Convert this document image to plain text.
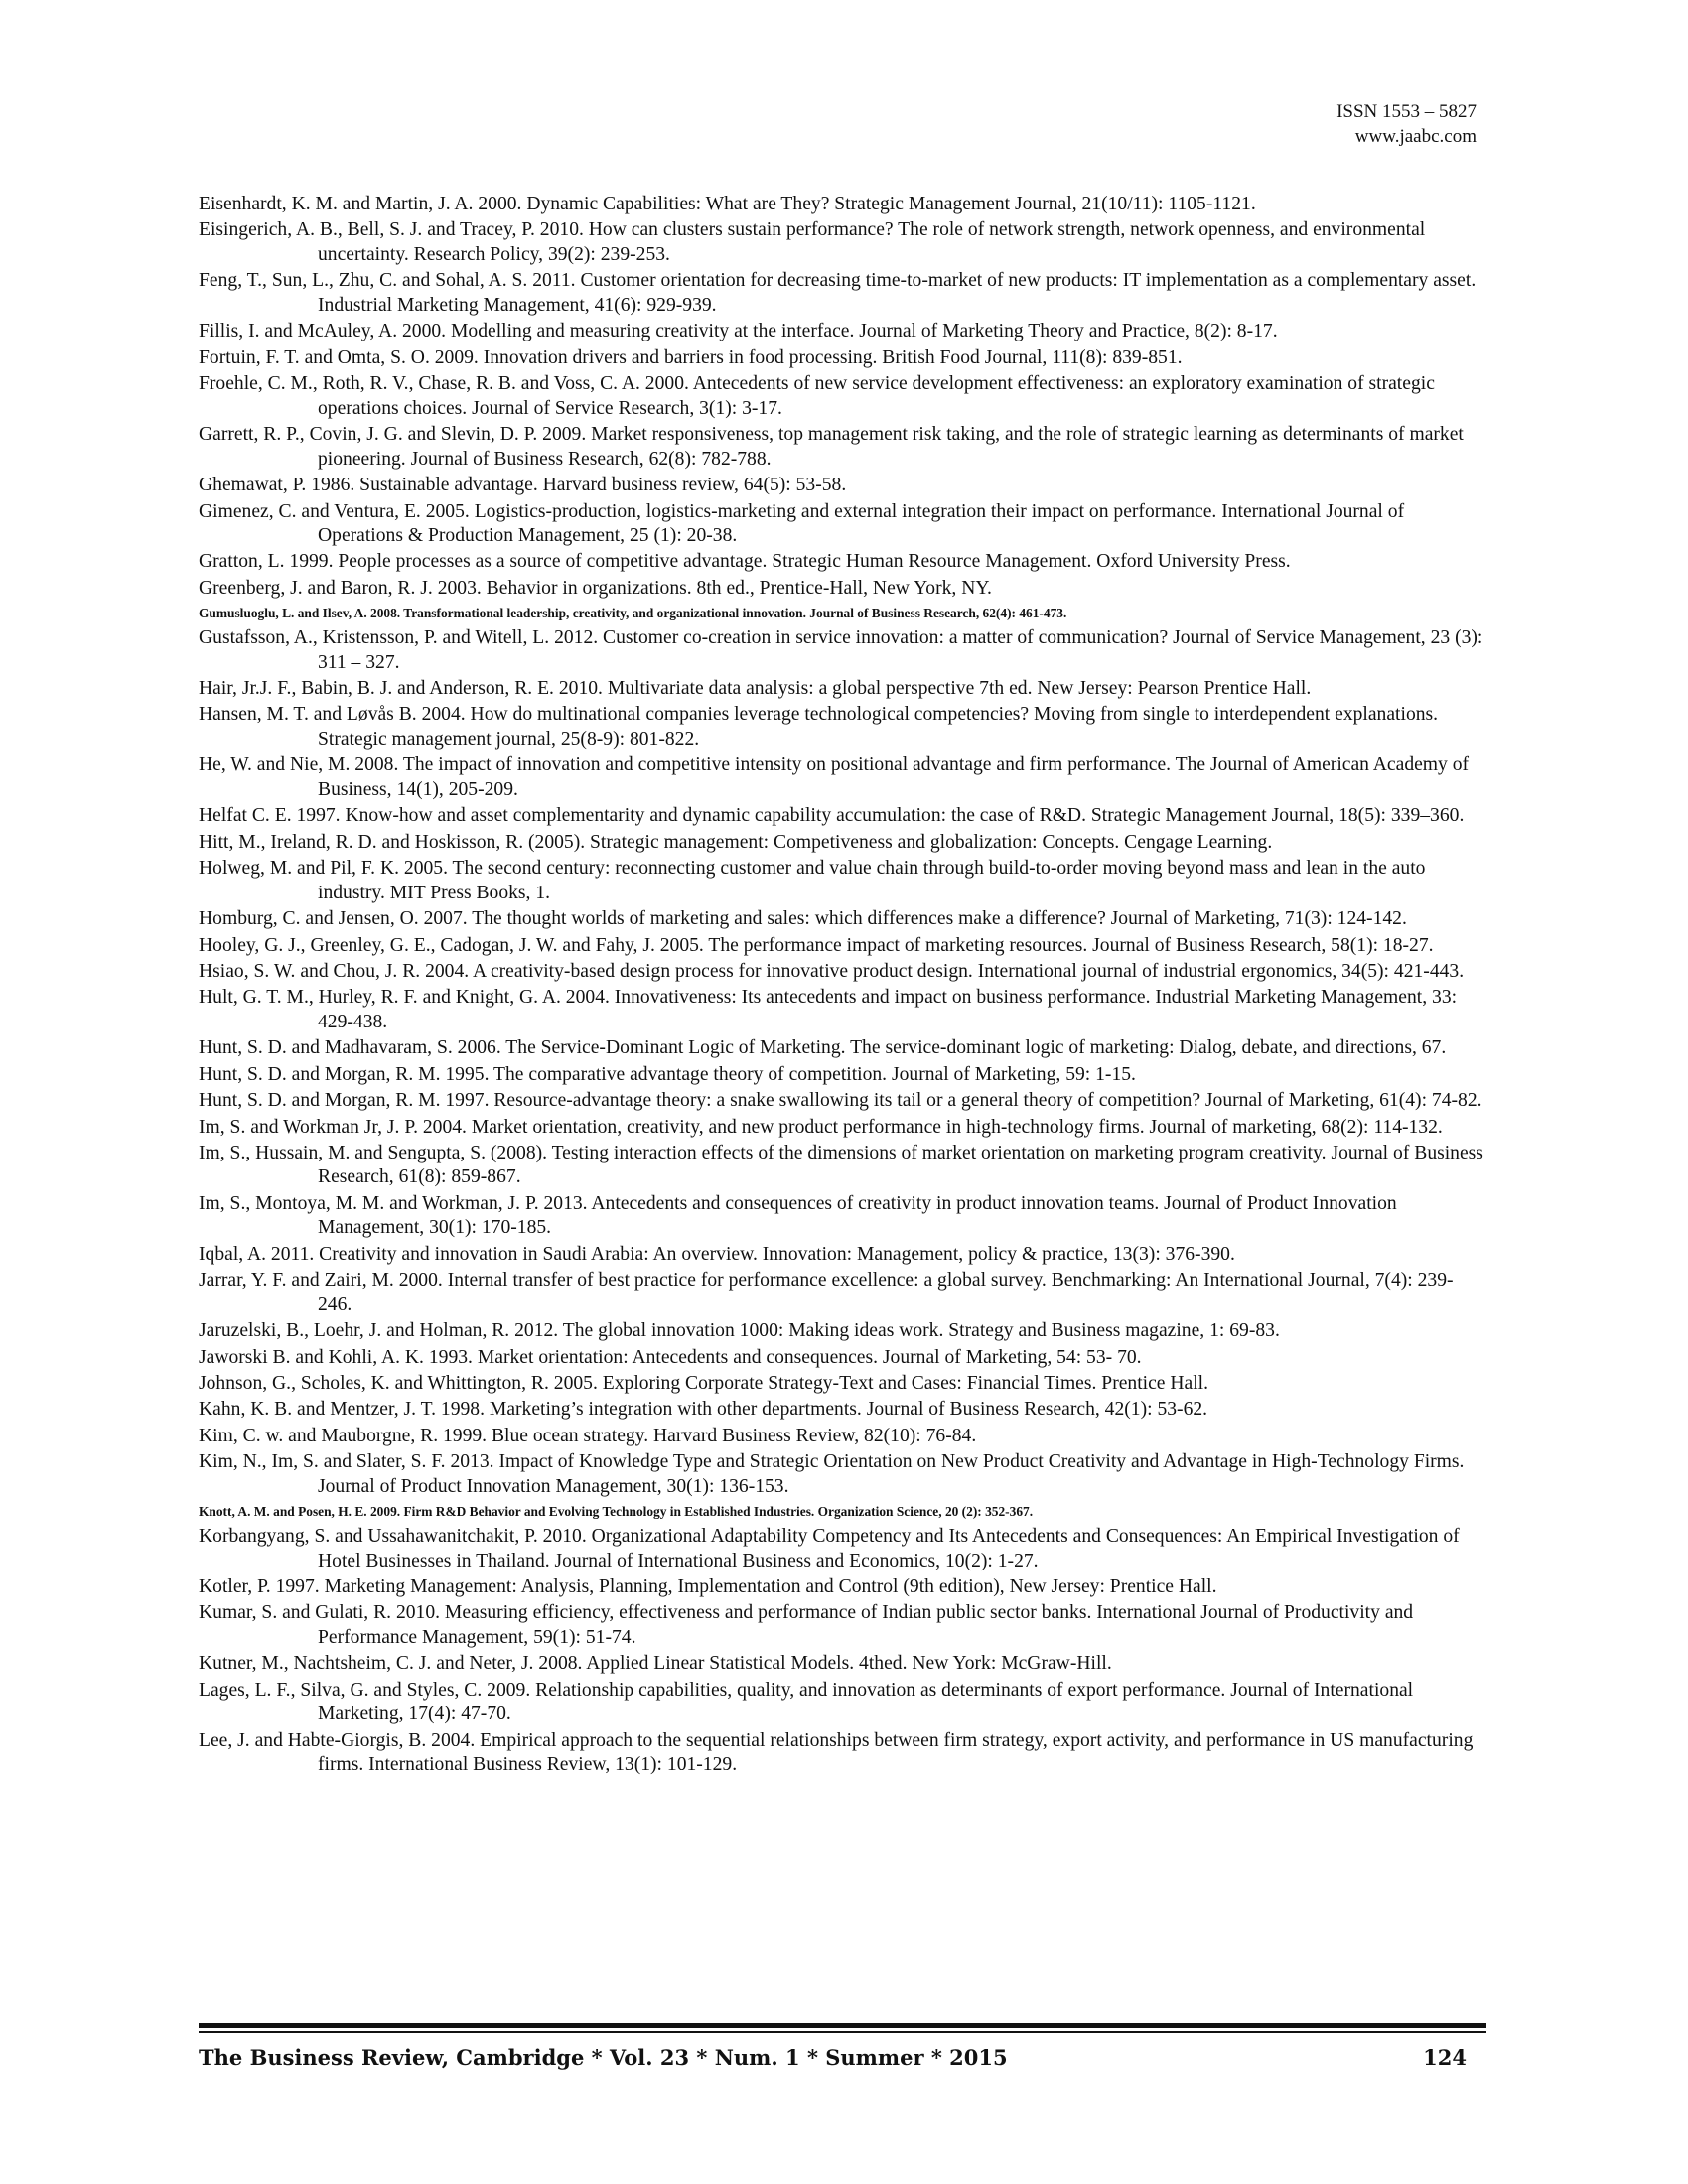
ISSN 1553 – 5827
www.jaabc.com

Eisenhardt, K. M. and Martin, J. A. 2000. Dynamic Capabilities: What are They? Strategic Management Journal, 21(10/11): 1105-1121.

Eisingerich, A. B., Bell, S. J. and Tracey, P. 2010. How can clusters sustain performance? The role of network strength, network openness, and environmental uncertainty. Research Policy, 39(2): 239-253.

Feng, T., Sun, L., Zhu, C. and Sohal, A. S. 2011. Customer orientation for decreasing time-to-market of new products: IT implementation as a complementary asset. Industrial Marketing Management, 41(6): 929-939.

Fillis, I. and McAuley, A. 2000. Modelling and measuring creativity at the interface. Journal of Marketing Theory and Practice, 8(2): 8-17.

Fortuin, F. T. and Omta, S. O. 2009. Innovation drivers and barriers in food processing. British Food Journal, 111(8): 839-851.

Froehle, C. M., Roth, R. V., Chase, R. B. and Voss, C. A. 2000. Antecedents of new service development effectiveness: an exploratory examination of strategic operations choices. Journal of Service Research, 3(1): 3-17.

Garrett, R. P., Covin, J. G. and Slevin, D. P. 2009. Market responsiveness, top management risk taking, and the role of strategic learning as determinants of market pioneering. Journal of Business Research, 62(8): 782-788.

Ghemawat, P. 1986. Sustainable advantage. Harvard business review, 64(5): 53-58.

Gimenez, C. and Ventura, E. 2005. Logistics-production, logistics-marketing and external integration their impact on performance. International Journal of Operations & Production Management, 25 (1): 20-38.

Gratton, L. 1999. People processes as a source of competitive advantage. Strategic Human Resource Management. Oxford University Press.

Greenberg, J. and Baron, R. J. 2003. Behavior in organizations. 8th ed., Prentice-Hall, New York, NY.

Gumusluoglu, L. and Ilsev, A. 2008. Transformational leadership, creativity, and organizational innovation. Journal of Business Research, 62(4): 461-473.

Gustafsson, A., Kristensson, P. and Witell, L. 2012. Customer co-creation in service innovation: a matter of communication? Journal of Service Management, 23 (3): 311 – 327.

Hair, Jr.J. F., Babin, B. J. and Anderson, R. E. 2010. Multivariate data analysis: a global perspective 7th ed. New Jersey: Pearson Prentice Hall.

Hansen, M. T. and Løvås B. 2004. How do multinational companies leverage technological competencies? Moving from single to interdependent explanations. Strategic management journal, 25(8-9): 801-822.

He, W. and Nie, M. 2008. The impact of innovation and competitive intensity on positional advantage and firm performance. The Journal of American Academy of Business, 14(1), 205-209.

Helfat C. E. 1997. Know-how and asset complementarity and dynamic capability accumulation: the case of R&D. Strategic Management Journal, 18(5): 339–360.

Hitt, M., Ireland, R. D. and Hoskisson, R. (2005). Strategic management: Competiveness and globalization: Concepts. Cengage Learning.

Holweg, M. and Pil, F. K. 2005. The second century: reconnecting customer and value chain through build-to-order moving beyond mass and lean in the auto industry. MIT Press Books, 1.

Homburg, C. and Jensen, O. 2007. The thought worlds of marketing and sales: which differences make a difference? Journal of Marketing, 71(3): 124-142.

Hooley, G. J., Greenley, G. E., Cadogan, J. W. and Fahy, J. 2005. The performance impact of marketing resources. Journal of Business Research, 58(1): 18-27.

Hsiao, S. W. and Chou, J. R. 2004. A creativity-based design process for innovative product design. International journal of industrial ergonomics, 34(5): 421-443.

Hult, G. T. M., Hurley, R. F. and Knight, G. A. 2004. Innovativeness: Its antecedents and impact on business performance. Industrial Marketing Management, 33: 429-438.

Hunt, S. D. and Madhavaram, S. 2006. The Service-Dominant Logic of Marketing. The service-dominant logic of marketing: Dialog, debate, and directions, 67.

Hunt, S. D. and Morgan, R. M. 1995. The comparative advantage theory of competition. Journal of Marketing, 59: 1-15.

Hunt, S. D. and Morgan, R. M. 1997. Resource-advantage theory: a snake swallowing its tail or a general theory of competition? Journal of Marketing, 61(4): 74-82.

Im, S. and Workman Jr, J. P. 2004. Market orientation, creativity, and new product performance in high-technology firms. Journal of marketing, 68(2): 114-132.

Im, S., Hussain, M. and Sengupta, S. (2008). Testing interaction effects of the dimensions of market orientation on marketing program creativity. Journal of Business Research, 61(8): 859-867.

Im, S., Montoya, M. M. and Workman, J. P. 2013. Antecedents and consequences of creativity in product innovation teams. Journal of Product Innovation Management, 30(1): 170-185.

Iqbal, A. 2011. Creativity and innovation in Saudi Arabia: An overview. Innovation: Management, policy & practice, 13(3): 376-390.

Jarrar, Y. F. and Zairi, M. 2000. Internal transfer of best practice for performance excellence: a global survey. Benchmarking: An International Journal, 7(4): 239-246.

Jaruzelski, B., Loehr, J. and Holman, R. 2012. The global innovation 1000: Making ideas work. Strategy and Business magazine, 1: 69-83.

Jaworski B. and Kohli, A. K. 1993. Market orientation: Antecedents and consequences. Journal of Marketing, 54: 53- 70.

Johnson, G., Scholes, K. and Whittington, R. 2005. Exploring Corporate Strategy-Text and Cases: Financial Times. Prentice Hall.

Kahn, K. B. and Mentzer, J. T. 1998. Marketing’s integration with other departments. Journal of Business Research, 42(1): 53-62.

Kim, C. w. and Mauborgne, R. 1999. Blue ocean strategy. Harvard Business Review, 82(10): 76-84.

Kim, N., Im, S. and Slater, S. F. 2013. Impact of Knowledge Type and Strategic Orientation on New Product Creativity and Advantage in High-Technology Firms. Journal of Product Innovation Management, 30(1): 136-153.

Knott, A. M. and Posen, H. E. 2009. Firm R&D Behavior and Evolving Technology in Established Industries. Organization Science, 20 (2): 352-367.

Korbangyang, S. and Ussahawanitchakit, P. 2010. Organizational Adaptability Competency and Its Antecedents and Consequences: An Empirical Investigation of Hotel Businesses in Thailand. Journal of International Business and Economics, 10(2): 1-27.

Kotler, P. 1997. Marketing Management: Analysis, Planning, Implementation and Control (9th edition), New Jersey: Prentice Hall.

Kumar, S. and Gulati, R. 2010. Measuring efficiency, effectiveness and performance of Indian public sector banks. International Journal of Productivity and Performance Management, 59(1): 51-74.

Kutner, M., Nachtsheim, C. J. and Neter, J. 2008. Applied Linear Statistical Models. 4thed. New York: McGraw-Hill.

Lages, L. F., Silva, G. and Styles, C. 2009. Relationship capabilities, quality, and innovation as determinants of export performance. Journal of International Marketing, 17(4): 47-70.

Lee, J. and Habte-Giorgis, B. 2004. Empirical approach to the sequential relationships between firm strategy, export activity, and performance in US manufacturing firms. International Business Review, 13(1): 101-129.

The Business Review, Cambridge * Vol. 23 * Num. 1 * Summer * 2015	124
